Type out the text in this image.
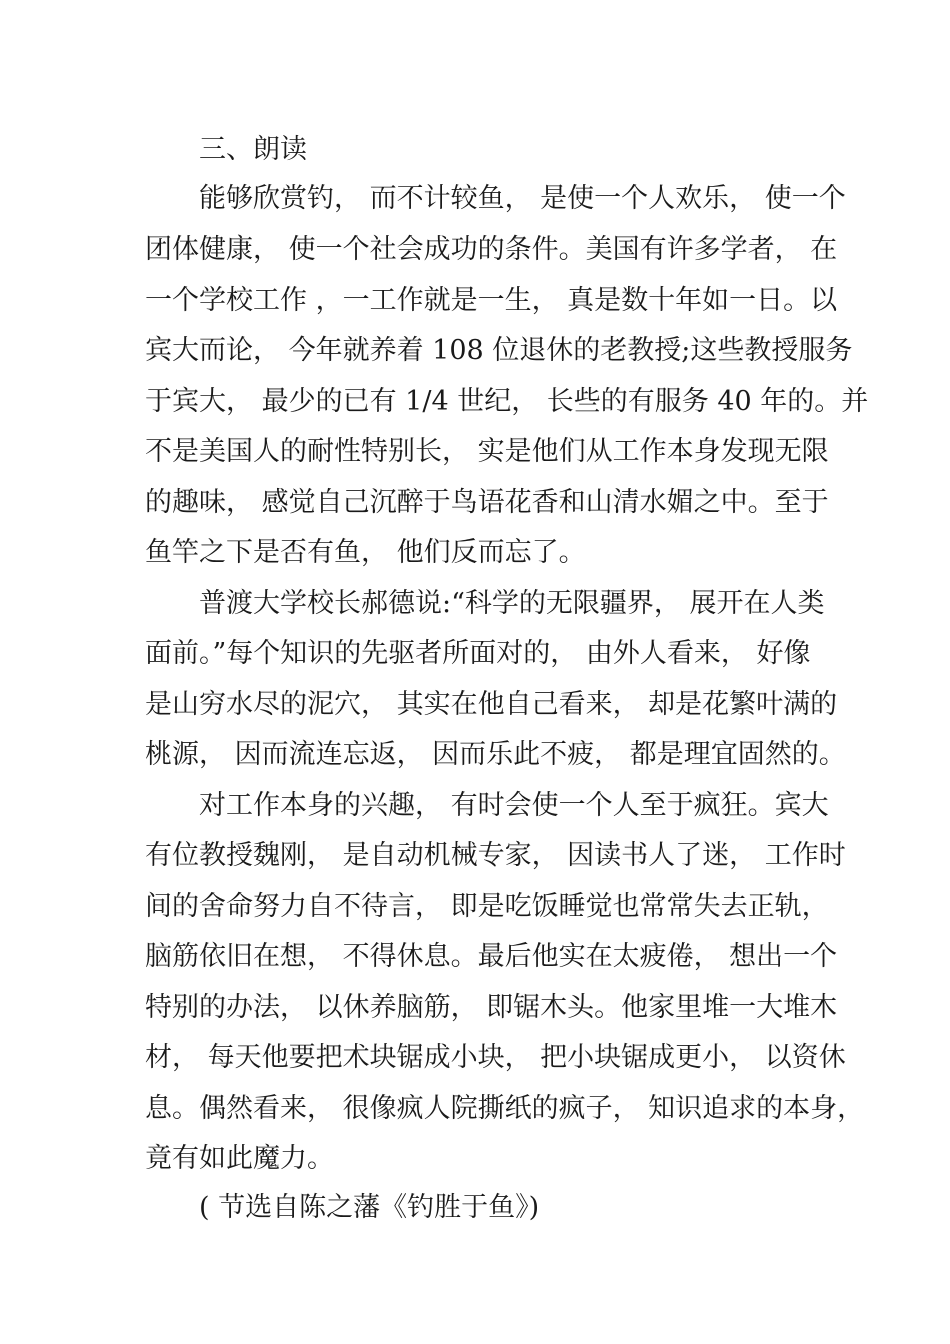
三、朗读
能够欣赏钓， 而不计较鱼， 是使一个人欢乐， 使一个
团体健康， 使一个社会成功的条件。美国有许多学者， 在
一个学校工作 ，一工作就是一生， 真是数十年如一日。以
宾大而论， 今年就养着 108 位退休的老教授;这些教授服务
于宾大， 最少的已有 1/4 世纪， 长些的有服务 40 年的。并
不是美国人的耐性特别长， 实是他们从工作本身发现无限
的趣味， 感觉自己沉醉于鸟语花香和山清水媚之中。至于
鱼竿之下是否有鱼， 他们反而忘了。
普渡大学校长郝德说:“科学的无限疆界， 展开在人类
面前。”每个知识的先驱者所面对的， 由外人看来， 好像
是山穷水尽的泥穴， 其实在他自己看来， 却是花繁叶满的
桃源， 因而流连忘返， 因而乐此不疲， 都是理宜固然的。
对工作本身的兴趣， 有时会使一个人至于疯狂。宾大
有位教授魏刚， 是自动机械专家， 因读书人了迷， 工作时
间的舍命努力自不待言， 即是吃饭睡觉也常常失去正轨，
脑筋依旧在想， 不得休息。最后他实在太疲倦， 想出一个
特别的办法， 以休养脑筋， 即锯木头。他家里堆一大堆木
材， 每天他要把术块锯成小块， 把小块锯成更小， 以资休
息。偶然看来， 很像疯人院撕纸的疯子， 知识追求的本身，
竟有如此魔力。
( 节选自陈之藩《钓胜于鱼》)
